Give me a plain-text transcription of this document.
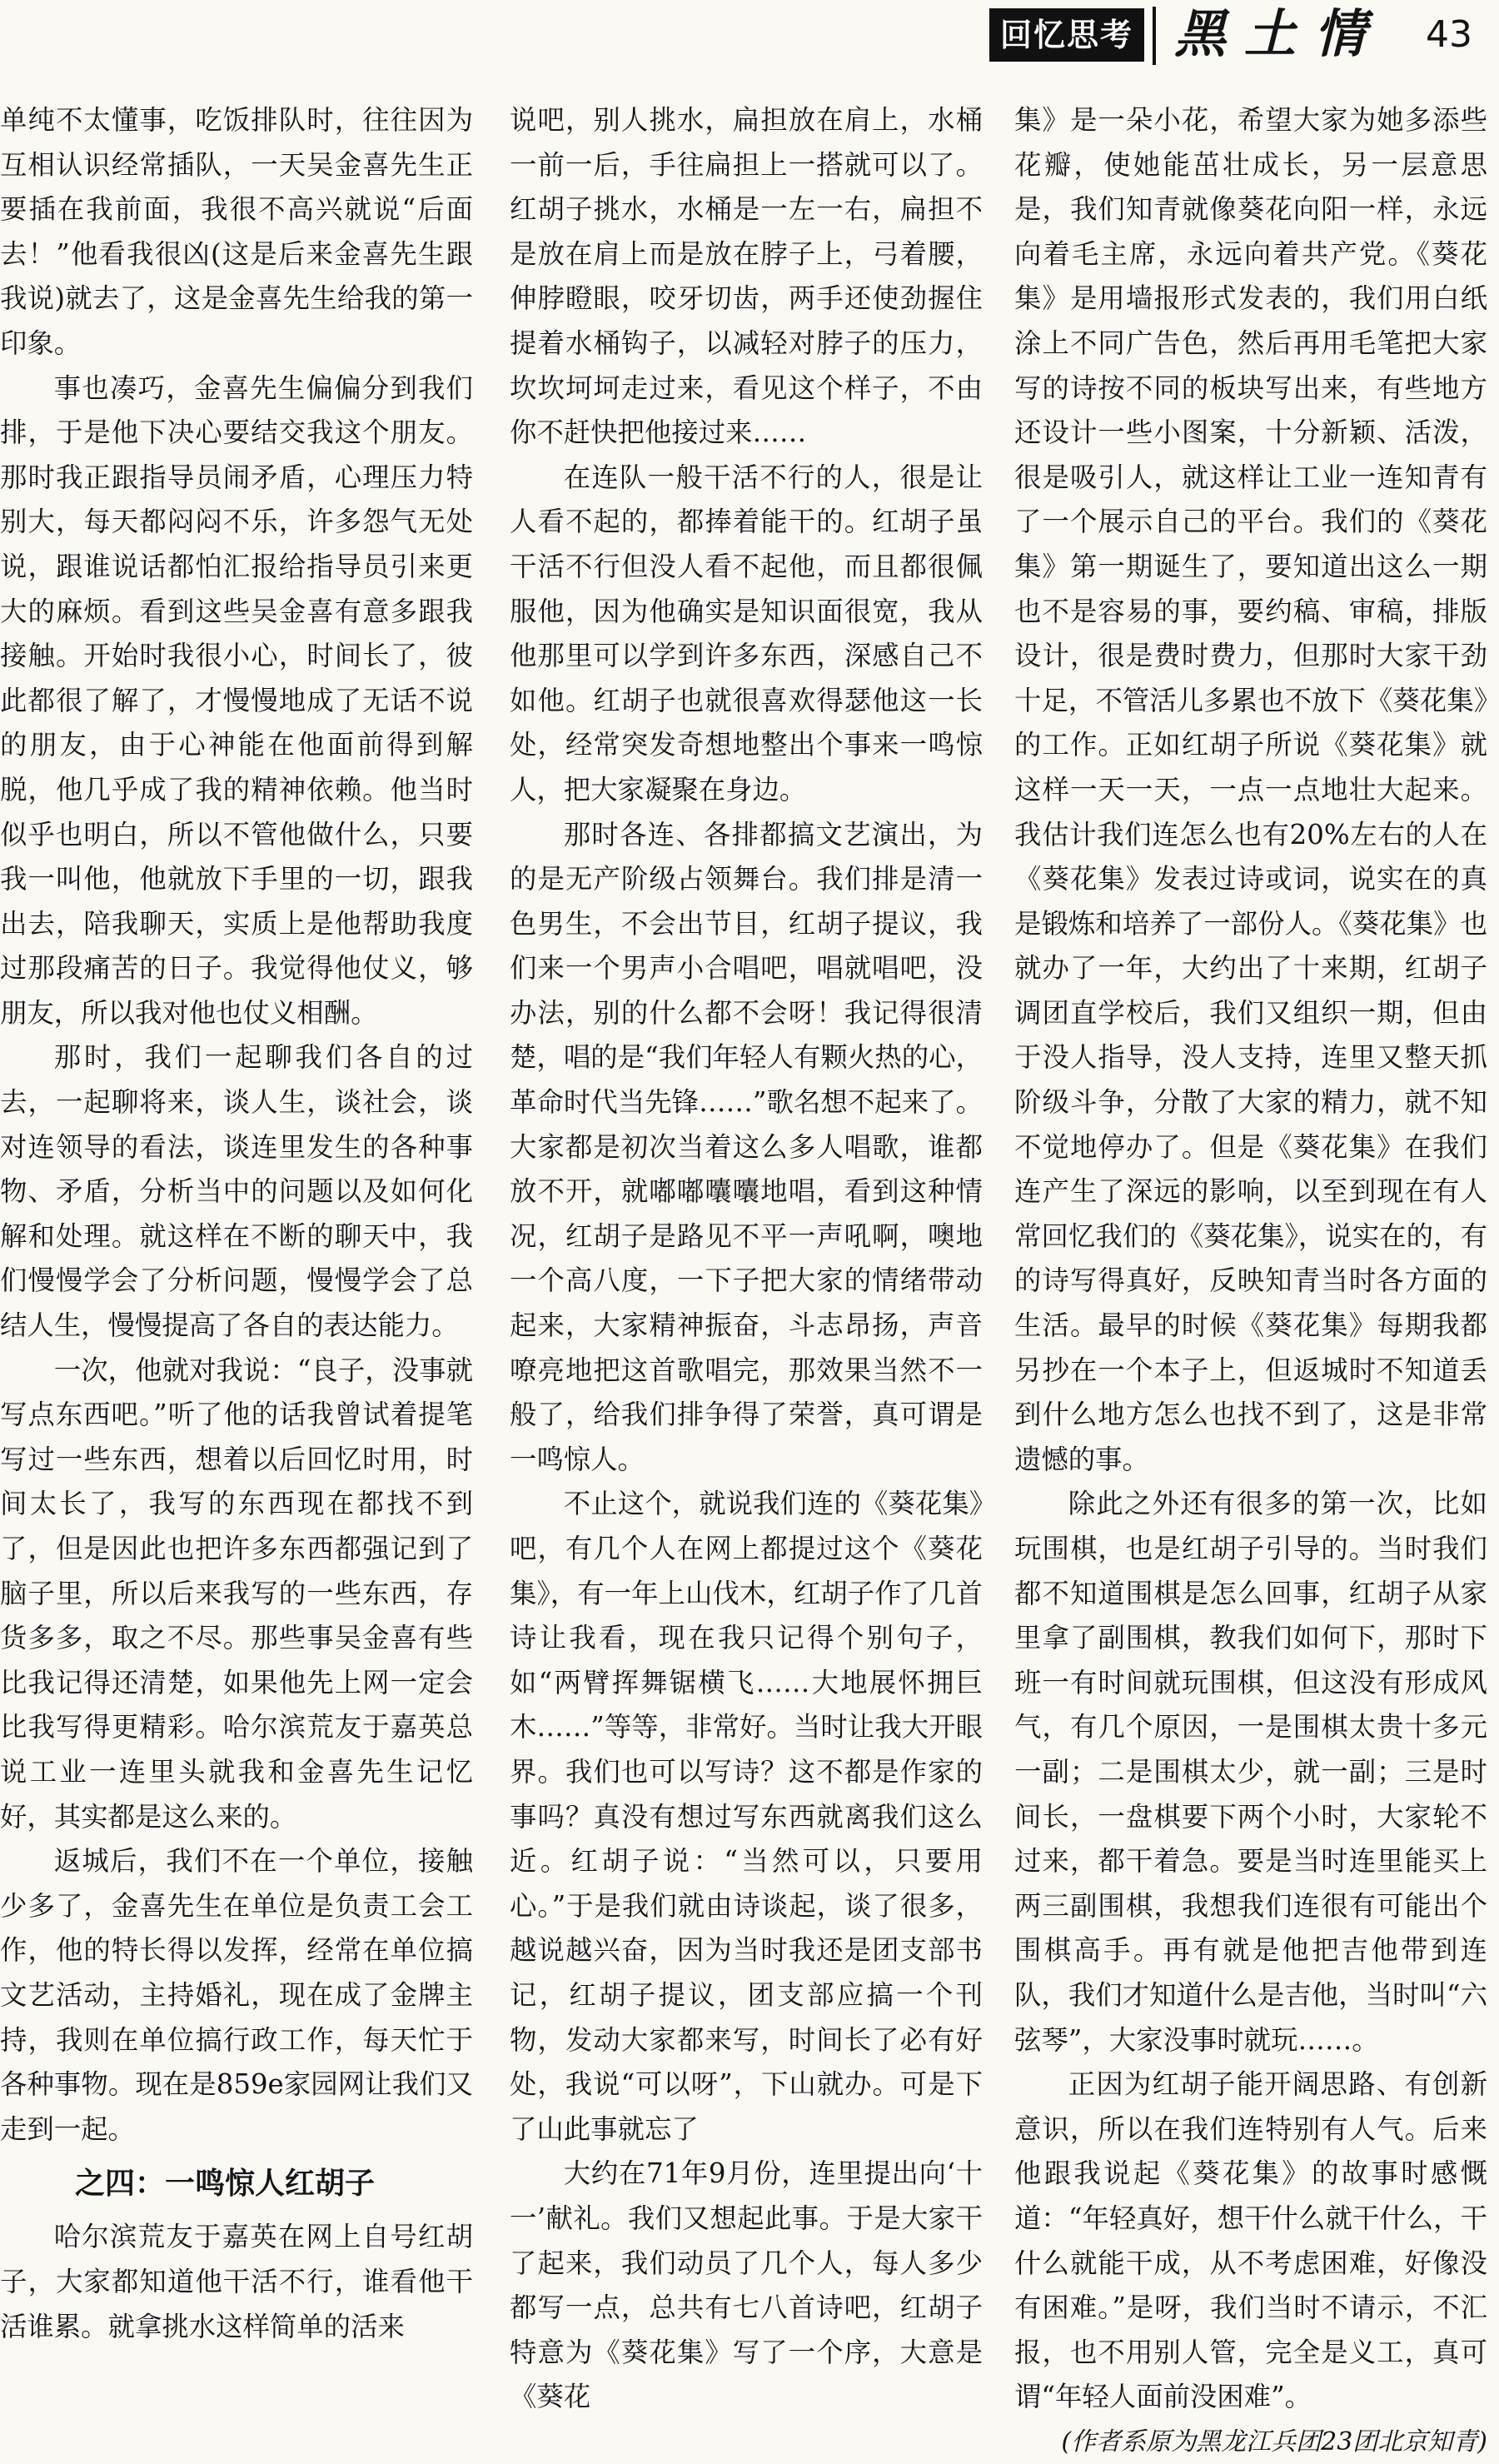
回忆思考 黑土情 43

单纯不太懂事，吃饭排队时，往往因为互相认识经常插队，一天吴金喜先生正要插在我前面，我很不高兴就说“后面去！”他看我很凶(这是后来金喜先生跟我说)就去了，这是金喜先生给我的第一印象。

事也凑巧，金喜先生偏偏分到我们排，于是他下决心要结交我这个朋友。那时我正跟指导员闹矛盾，心理压力特别大，每天都闷闷不乐，许多怨气无处说，跟谁说话都怕汇报给指导员引来更大的麻烦。看到这些吴金喜有意多跟我接触。开始时我很小心，时间长了，彼此都很了解了，才慢慢地成了无话不说的朋友，由于心神能在他面前得到解脱，他几乎成了我的精神依赖。他当时似乎也明白，所以不管他做什么，只要我一叫他，他就放下手里的一切，跟我出去，陪我聊天，实质上是他帮助我度过那段痛苦的日子。我觉得他仗义，够朋友，所以我对他也仗义相酬。

那时，我们一起聊我们各自的过去，一起聊将来，谈人生，谈社会，谈对连领导的看法，谈连里发生的各种事物、矛盾，分析当中的问题以及如何化解和处理。就这样在不断的聊天中，我们慢慢学会了分析问题，慢慢学会了总结人生，慢慢提高了各自的表达能力。

一次，他就对我说：“良子，没事就写点东西吧。”听了他的话我曾试着提笔写过一些东西，想着以后回忆时用，时间太长了，我写的东西现在都找不到了，但是因此也把许多东西都强记到了脑子里，所以后来我写的一些东西，存货多多，取之不尽。那些事吴金喜有些比我记得还清楚，如果他先上网一定会比我写得更精彩。哈尔滨荒友于嘉英总说工业一连里头就我和金喜先生记忆好，其实都是这么来的。

返城后，我们不在一个单位，接触少多了，金喜先生在单位是负责工会工作，他的特长得以发挥，经常在单位搞文艺活动，主持婚礼，现在成了金牌主持，我则在单位搞行政工作，每天忙于各种事物。现在是859e家园网让我们又走到一起。

之四：一鸣惊人红胡子

哈尔滨荒友于嘉英在网上自号红胡子，大家都知道他干活不行，谁看他干活谁累。就拿挑水这样简单的活来

说吧，别人挑水，扁担放在肩上，水桶一前一后，手往扁担上一搭就可以了。红胡子挑水，水桶是一左一右，扁担不是放在肩上而是放在脖子上，弓着腰，伸脖瞪眼，咬牙切齿，两手还使劲握住提着水桶钩子，以减轻对脖子的压力，坎坎坷坷走过来，看见这个样子，不由你不赶快把他接过来……

在连队一般干活不行的人，很是让人看不起的，都捧着能干的。红胡子虽干活不行但没人看不起他，而且都很佩服他，因为他确实是知识面很宽，我从他那里可以学到许多东西，深感自己不如他。红胡子也就很喜欢得瑟他这一长处，经常突发奇想地整出个事来一鸣惊人，把大家凝聚在身边。

那时各连、各排都搞文艺演出，为的是无产阶级占领舞台。我们排是清一色男生，不会出节目，红胡子提议，我们来一个男声小合唱吧，唱就唱吧，没办法，别的什么都不会呀！我记得很清楚，唱的是“我们年轻人有颗火热的心，革命时代当先锋……”歌名想不起来了。大家都是初次当着这么多人唱歌，谁都放不开，就嘟嘟囔囔地唱，看到这种情况，红胡子是路见不平一声吼啊，噢地一个高八度，一下子把大家的情绪带动起来，大家精神振奋，斗志昂扬，声音嘹亮地把这首歌唱完，那效果当然不一般了，给我们排争得了荣誉，真可谓是一鸣惊人。

不止这个，就说我们连的《葵花集》吧，有几个人在网上都提过这个《葵花集》，有一年上山伐木，红胡子作了几首诗让我看，现在我只记得个别句子，如“两臂挥舞锯横飞……大地展怀拥巨木……”等等，非常好。当时让我大开眼界。我们也可以写诗？这不都是作家的事吗？真没有想过写东西就离我们这么近。红胡子说：“当然可以，只要用心。”于是我们就由诗谈起，谈了很多，越说越兴奋，因为当时我还是团支部书记，红胡子提议，团支部应搞一个刊物，发动大家都来写，时间长了必有好处，我说“可以呀”，下山就办。可是下了山此事就忘了

大约在71年9月份，连里提出向‘十一’献礼。我们又想起此事。于是大家干了起来，我们动员了几个人，每人多少都写一点，总共有七八首诗吧，红胡子特意为《葵花集》写了一个序，大意是《葵花

集》是一朵小花，希望大家为她多添些花瓣，使她能茁壮成长，另一层意思是，我们知青就像葵花向阳一样，永远向着毛主席，永远向着共产党。《葵花集》是用墙报形式发表的，我们用白纸涂上不同广告色，然后再用毛笔把大家写的诗按不同的板块写出来，有些地方还设计一些小图案，十分新颖、活泼，很是吸引人，就这样让工业一连知青有了一个展示自己的平台。我们的《葵花集》第一期诞生了，要知道出这么一期也不是容易的事，要约稿、审稿，排版设计，很是费时费力，但那时大家干劲十足，不管活儿多累也不放下《葵花集》的工作。正如红胡子所说《葵花集》就这样一天一天，一点一点地壮大起来。我估计我们连怎么也有20%左右的人在《葵花集》发表过诗或词，说实在的真是锻炼和培养了一部份人。《葵花集》也就办了一年，大约出了十来期，红胡子调团直学校后，我们又组织一期，但由于没人指导，没人支持，连里又整天抓阶级斗争，分散了大家的精力，就不知不觉地停办了。但是《葵花集》在我们连产生了深远的影响，以至到现在有人常回忆我们的《葵花集》，说实在的，有的诗写得真好，反映知青当时各方面的生活。最早的时候《葵花集》每期我都另抄在一个本子上，但返城时不知道丢到什么地方怎么也找不到了，这是非常遗憾的事。

除此之外还有很多的第一次，比如玩围棋，也是红胡子引导的。当时我们都不知道围棋是怎么回事，红胡子从家里拿了副围棋，教我们如何下，那时下班一有时间就玩围棋，但这没有形成风气，有几个原因，一是围棋太贵十多元一副；二是围棋太少，就一副；三是时间长，一盘棋要下两个小时，大家轮不过来，都干着急。要是当时连里能买上两三副围棋，我想我们连很有可能出个围棋高手。再有就是他把吉他带到连队，我们才知道什么是吉他，当时叫“六弦琴”，大家没事时就玩……。

正因为红胡子能开阔思路、有创新意识，所以在我们连特别有人气。后来他跟我说起《葵花集》的故事时感慨道：“年轻真好，想干什么就干什么，干什么就能干成，从不考虑困难，好像没有困难。”是呀，我们当时不请示，不汇报，也不用别人管，完全是义工，真可谓“年轻人面前没困难”。

(作者系原为黑龙江兵团23团北京知青)
